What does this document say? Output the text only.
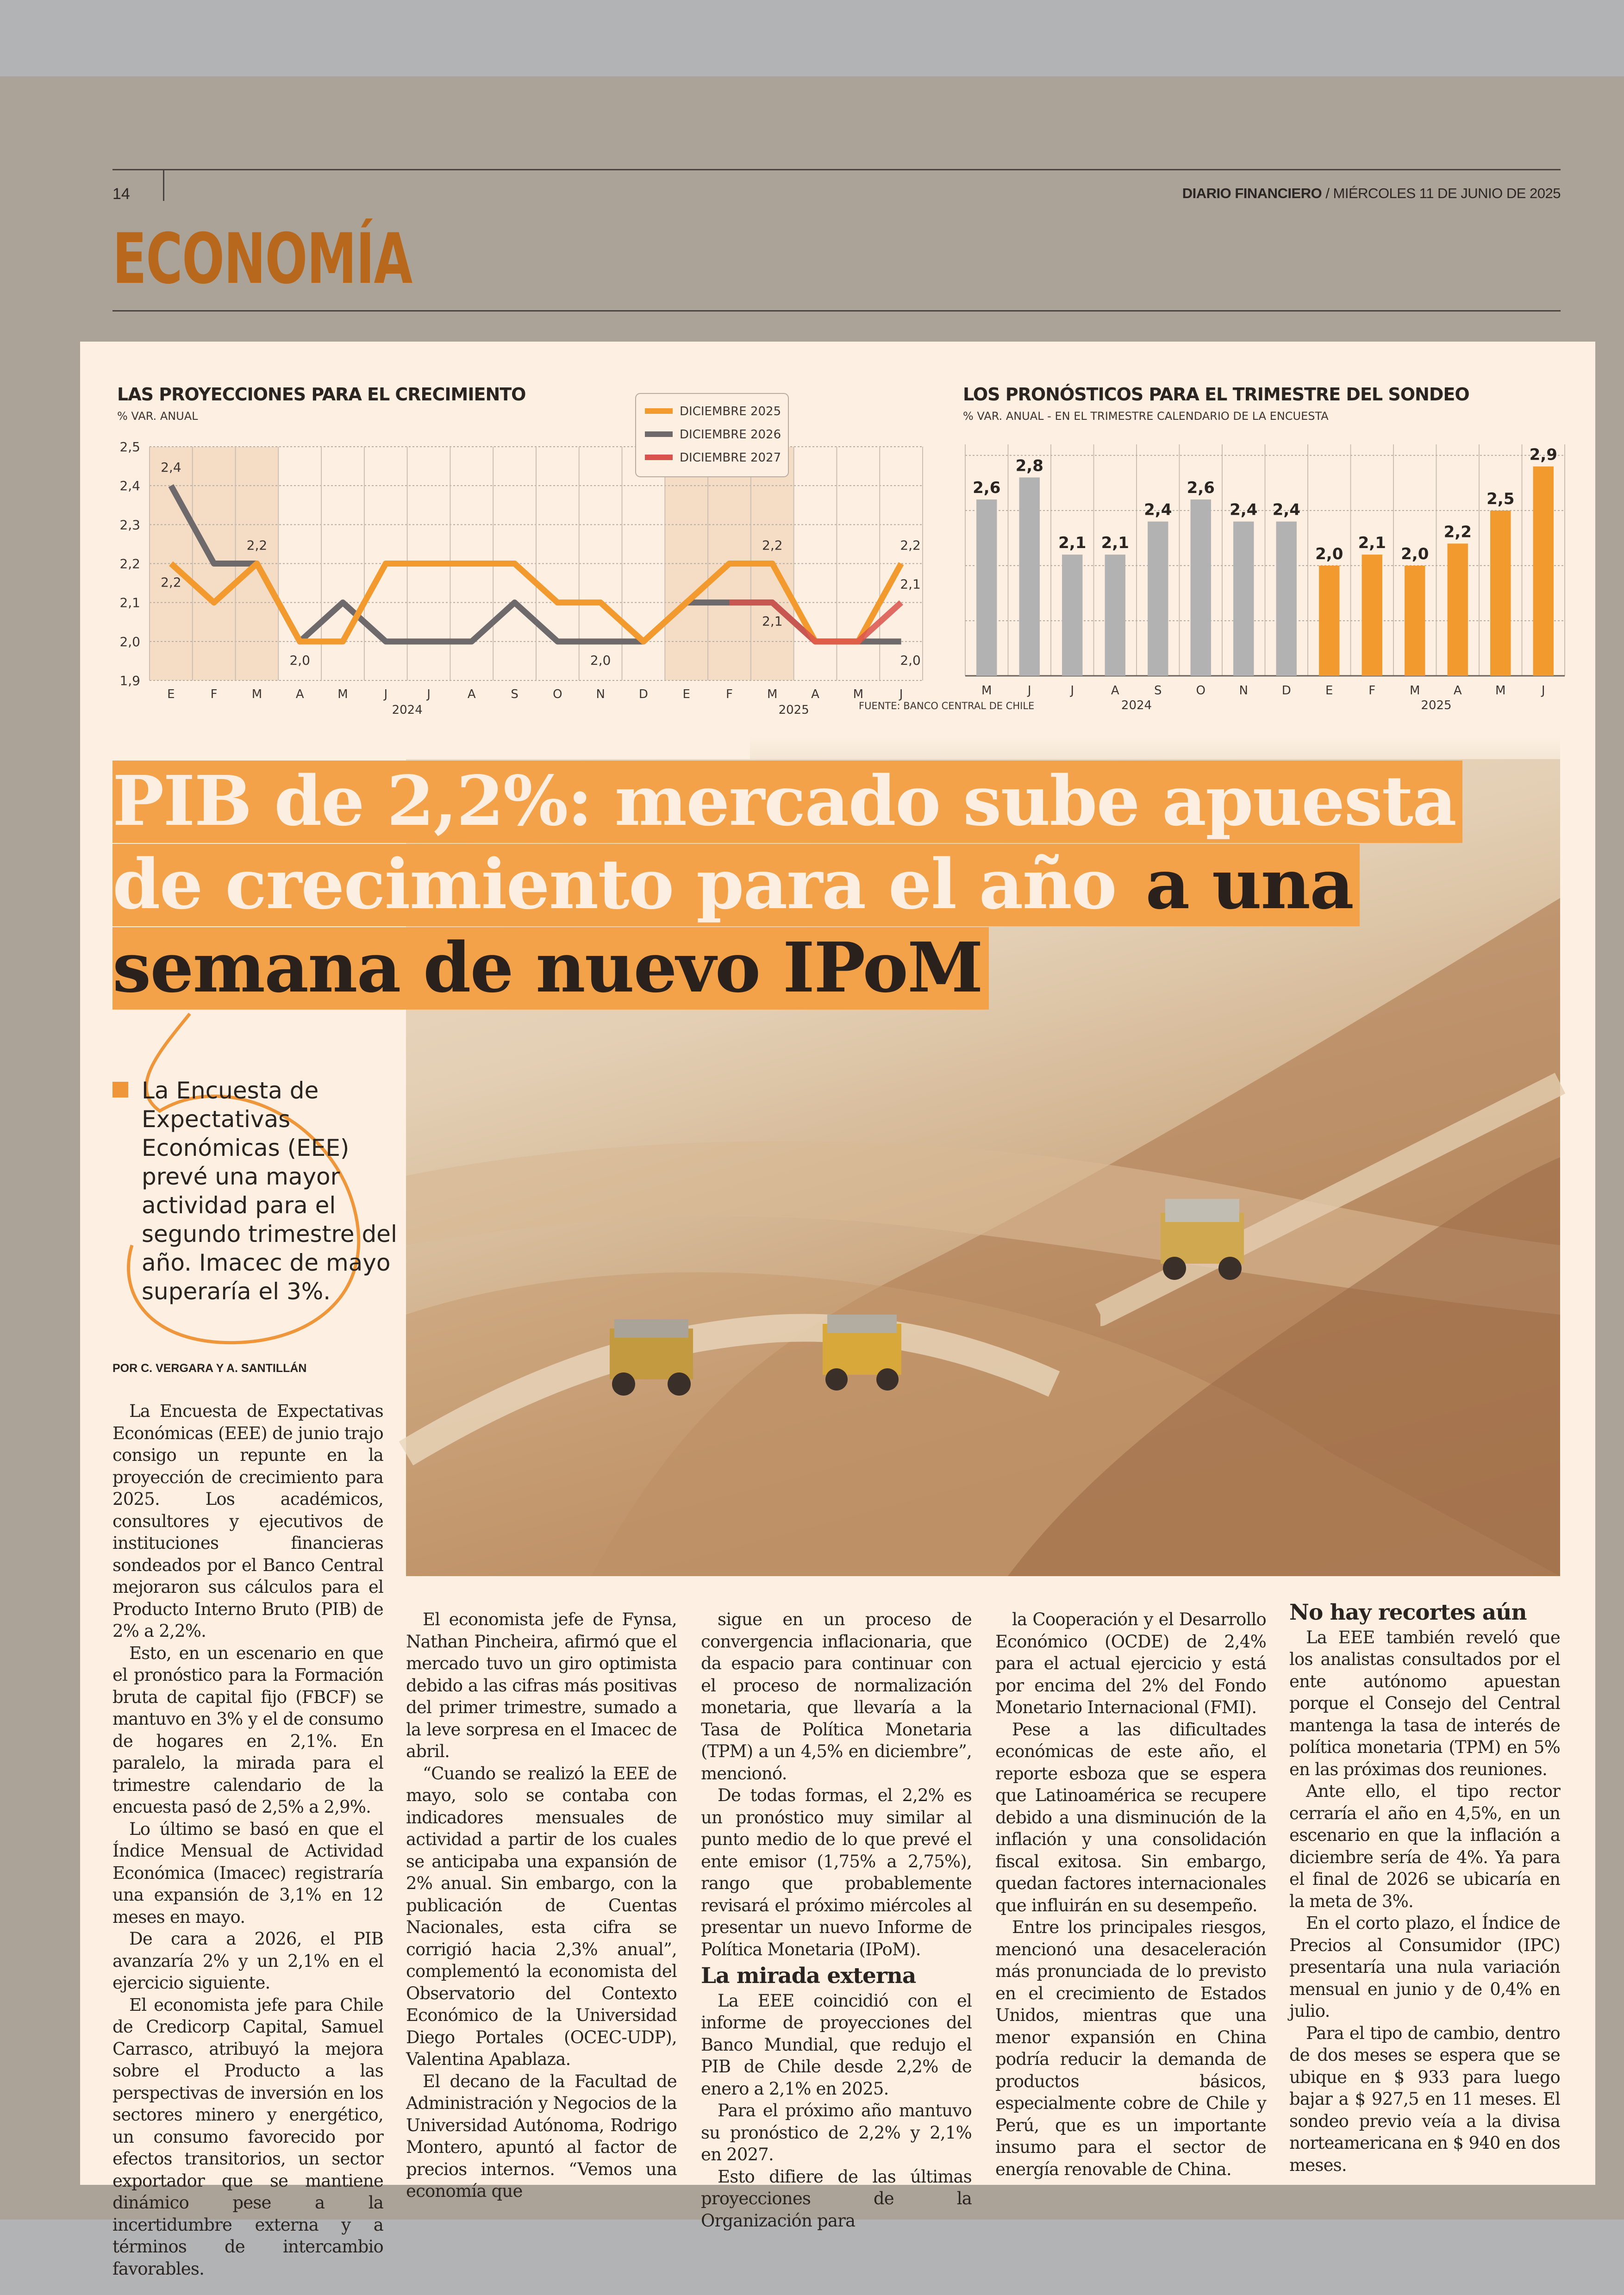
14	DIARIO FINANCIERO / MIÉRCOLES 11 DE JUNIO DE 2025
ECONOMÍA
LAS PROYECCIONES PARA EL CRECIMIENTO
% VAR. ANUAL
1,9
2,0
2,1
2,2
2,3
2,4
2,5
E	F	M	A	M	J	J	A	S	O	N	D	E	F	M	A	M	J
2024	2025
2,4
2,2
2,2
2,0	2,0
2,2
2,1
2,2
2,1
2,0
DICIEMBRE 2025
DICIEMBRE 2026
DICIEMBRE 2027
LOS PRONÓSTICOS PARA EL TRIMESTRE DEL SONDEO
% VAR. ANUAL - EN EL TRIMESTRE CALENDARIO DE LA ENCUESTA
2,6
M
2,8
J
2,1
J
2,1
A
2,4
S
2,6
O
2,4
N
2,4
D
2,0
E
2,1
F
2,0
M
2,2
A
2,5
M
2,9
J
2024	2025
FUENTE: BANCO CENTRAL DE CHILE
PIB de 2,2%: mercado sube apuesta
de crecimiento para el año a una
semana de nuevo IPoM
La Encuesta de Expectativas Económicas (EEE) prevé una mayor actividad para el segundo trimestre del año. Imacec de mayo superaría el 3%.
POR C. VERGARA Y A. SANTILLÁN

La Encuesta de Expectativas Económicas (EEE) de junio trajo consigo un repunte en la proyección de crecimiento para 2025. Los académicos, consultores y ejecutivos de instituciones financieras sondeados por el Banco Central mejoraron sus cálculos para el Producto Interno Bruto (PIB) de 2% a 2,2%.

Esto, en un escenario en que el pronóstico para la Formación bruta de capital fijo (FBCF) se mantuvo en 3% y el de consumo de hogares en 2,1%. En paralelo, la mirada para el trimestre calendario de la encuesta pasó de 2,5% a 2,9%.

Lo último se basó en que el Índice Mensual de Actividad Económica (Imacec) registraría una expansión de 3,1% en 12 meses en mayo.

De cara a 2026, el PIB avanzaría 2% y un 2,1% en el ejercicio siguiente.

El economista jefe para Chile de Credicorp Capital, Samuel Carrasco, atribuyó la mejora sobre el Producto a las perspectivas de inversión en los sectores minero y energético, un consumo favorecido por efectos transitorios, un sector exportador que se mantiene dinámico pese a la incertidumbre externa y a términos de intercambio favorables.

El economista jefe de Fynsa, Nathan Pincheira, afirmó que el mercado tuvo un giro optimista debido a las cifras más positivas del primer trimestre, sumado a la leve sorpresa en el Imacec de abril.

“Cuando se realizó la EEE de mayo, solo se contaba con indicadores mensuales de actividad a partir de los cuales se anticipaba una expansión de 2% anual. Sin embargo, con la publicación de Cuentas Nacionales, esta cifra se corrigió hacia 2,3% anual”, complementó la economista del Observatorio del Contexto Económico de la Universidad Diego Portales (OCEC-UDP), Valentina Apablaza.

El decano de la Facultad de Administración y Negocios de la Universidad Autónoma, Rodrigo Montero, apuntó al factor de precios internos. “Vemos una economía que

sigue en un proceso de convergencia inflacionaria, que da espacio para continuar con el proceso de normalización monetaria, que llevaría a la Tasa de Política Monetaria (TPM) a un 4,5% en diciembre”, mencionó.

De todas formas, el 2,2% es un pronóstico muy similar al punto medio de lo que prevé el ente emisor (1,75% a 2,75%), rango que probablemente revisará el próximo miércoles al presentar un nuevo Informe de Política Monetaria (IPoM).

La mirada externa

La EEE coincidió con el informe de proyecciones del Banco Mundial, que redujo el PIB de Chile desde 2,2% de enero a 2,1% en 2025.

Para el próximo año mantuvo su pronóstico de 2,2% y 2,1% en 2027.

Esto difiere de las últimas proyecciones de la Organización para

la Cooperación y el Desarrollo Económico (OCDE) de 2,4% para el actual ejercicio y está por encima del 2% del Fondo Monetario Internacional (FMI).

Pese a las dificultades económicas de este año, el reporte esboza que se espera que Latinoamérica se recupere debido a una disminución de la inflación y una consolidación fiscal exitosa. Sin embargo, quedan factores internacionales que influirán en su desempeño.

Entre los principales riesgos, mencionó una desaceleración más pronunciada de lo previsto en el crecimiento de Estados Unidos, mientras que una menor expansión en China podría reducir la demanda de productos básicos, especialmente cobre de Chile y Perú, que es un importante insumo para el sector de energía renovable de China.

No hay recortes aún

La EEE también reveló que los analistas consultados por el ente autónomo apuestan porque el Consejo del Central mantenga la tasa de interés de política monetaria (TPM) en 5% en las próximas dos reuniones.

Ante ello, el tipo rector cerraría el año en 4,5%, en un escenario en que la inflación a diciembre sería de 4%. Ya para el final de 2026 se ubicaría en la meta de 3%.

En el corto plazo, el Índice de Precios al Consumidor (IPC) presentaría una nula variación mensual en junio y de 0,4% en julio.

Para el tipo de cambio, dentro de dos meses se espera que se ubique en $ 933 para luego bajar a $ 927,5 en 11 meses. El sondeo previo veía a la divisa norteamericana en $ 940 en dos meses.
